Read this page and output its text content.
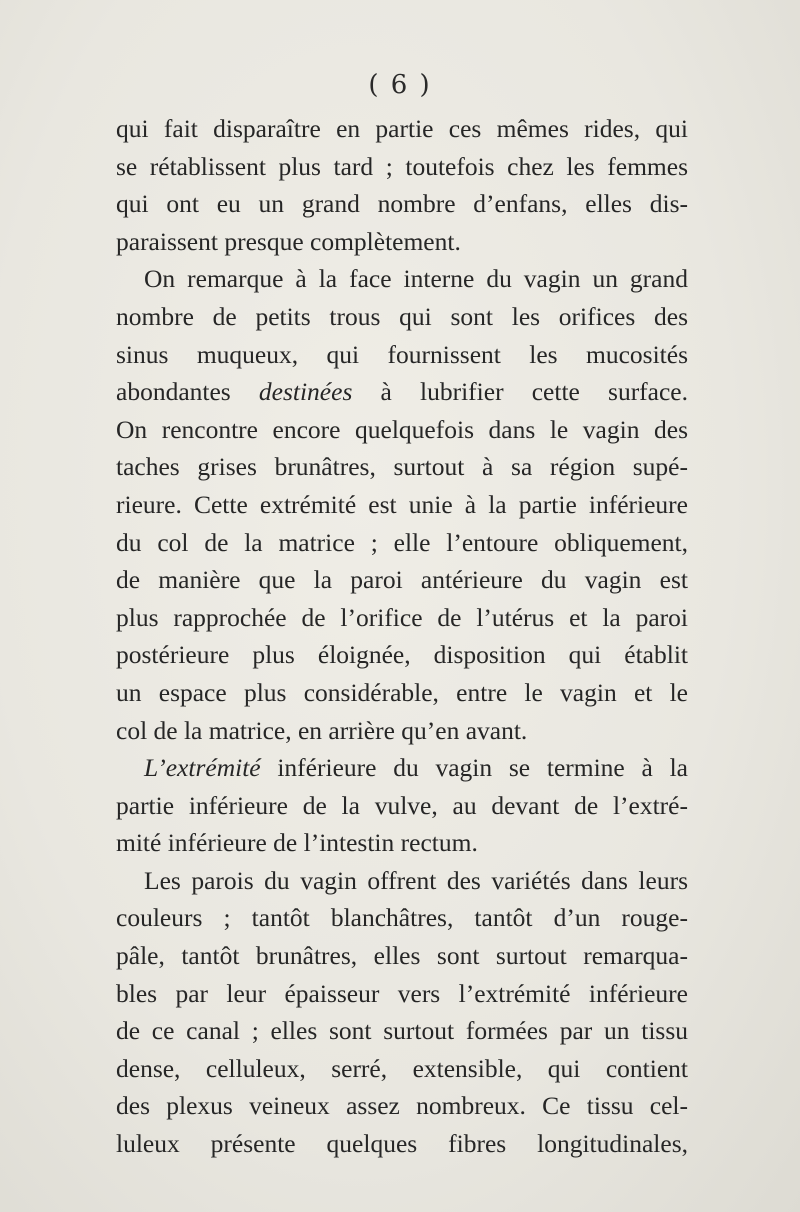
( 6 )
qui fait disparaître en partie ces mêmes rides, qui
se rétablissent plus tard ; toutefois chez les femmes
qui ont eu un grand nombre d’enfans, elles dis-
paraissent presque complètement.
On remarque à la face interne du vagin un grand
nombre de petits trous qui sont les orifices des
sinus muqueux, qui fournissent les mucosités
abondantes destinées à lubrifier cette surface.
On rencontre encore quelquefois dans le vagin des
taches grises brunâtres, surtout à sa région supé-
rieure. Cette extrémité est unie à la partie inférieure
du col de la matrice ; elle l’entoure obliquement,
de manière que la paroi antérieure du vagin est
plus rapprochée de l’orifice de l’utérus et la paroi
postérieure plus éloignée, disposition qui établit
un espace plus considérable, entre le vagin et le
col de la matrice, en arrière qu’en avant.
L’extrémité inférieure du vagin se termine à la
partie inférieure de la vulve, au devant de l’extré-
mité inférieure de l’intestin rectum.
Les parois du vagin offrent des variétés dans leurs
couleurs ; tantôt blanchâtres, tantôt d’un rouge-
pâle, tantôt brunâtres, elles sont surtout remarqua-
bles par leur épaisseur vers l’extrémité inférieure
de ce canal ; elles sont surtout formées par un tissu
dense, celluleux, serré, extensible, qui contient
des plexus veineux assez nombreux. Ce tissu cel-
luleux présente quelques fibres longitudinales,
